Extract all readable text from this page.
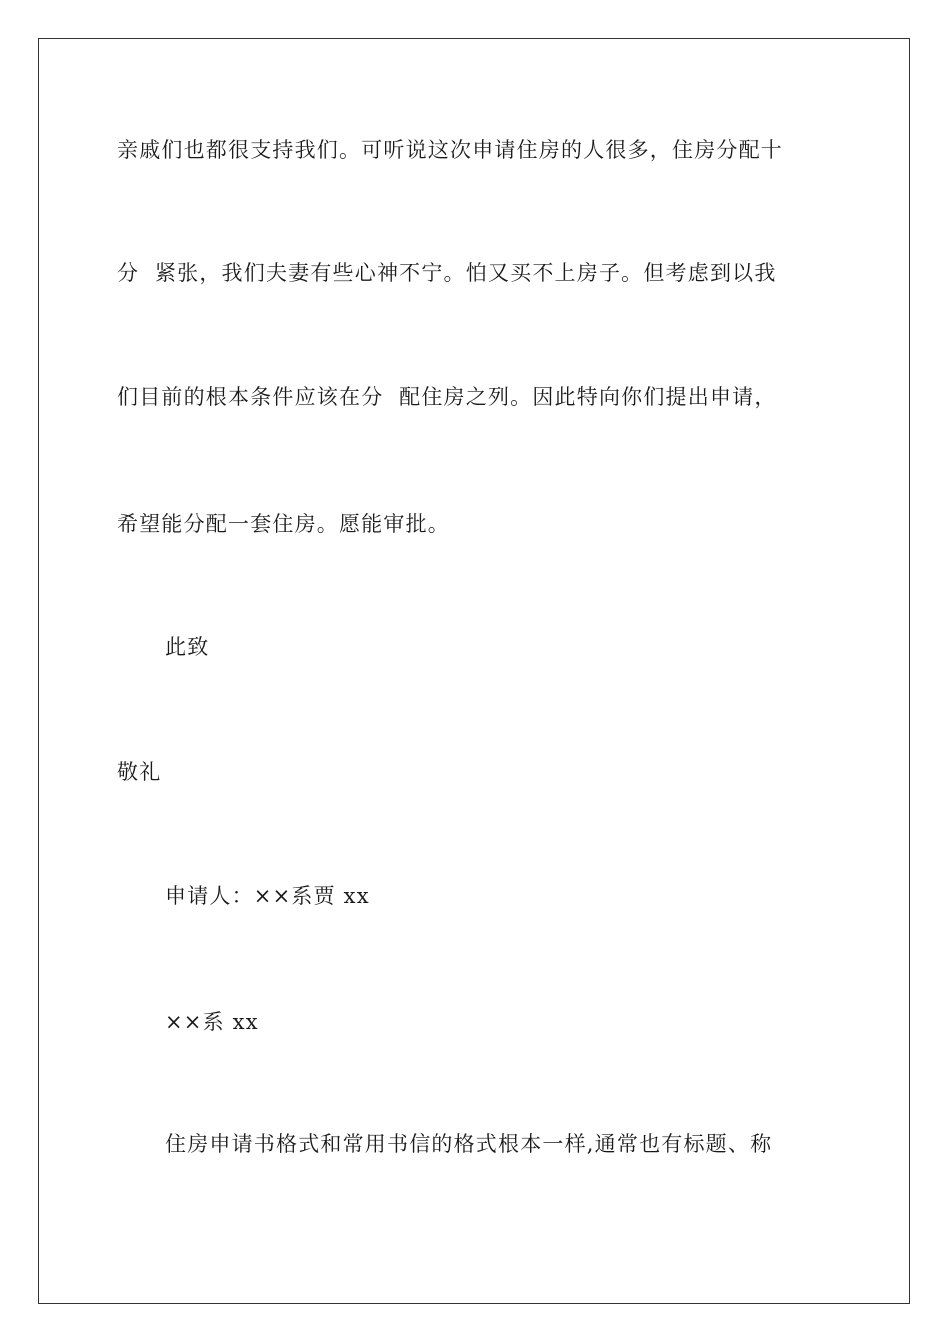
亲戚们也都很支持我们。可听说这次申请住房的人很多，住房分配十
分  紧张，我们夫妻有些心神不宁。怕又买不上房子。但考虑到以我
们目前的根本条件应该在分  配住房之列。因此特向你们提出申请，
希望能分配一套住房。愿能审批。
此致
敬礼
申请人：××系贾 xx
××系 xx
住房申请书格式和常用书信的格式根本一样,通常也有标题、称
